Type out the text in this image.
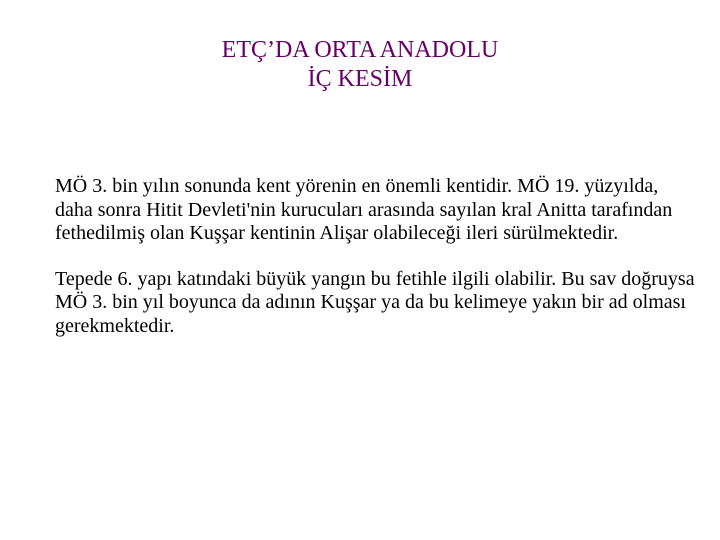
ETÇ’DA ORTA ANADOLU
İÇ KESİM

MÖ 3. bin yılın sonunda kent yörenin en önemli kentidir. MÖ 19. yüzyılda, daha sonra Hitit Devleti'nin kurucuları arasında sayılan kral Anitta tarafından fethedilmiş olan Kuşşar kentinin Alişar olabileceği ileri sürülmektedir.

Tepede 6. yapı katındaki büyük yangın bu fetihle ilgili olabilir. Bu sav doğruysa MÖ 3. bin yıl boyunca da adının Kuşşar ya da bu kelimeye yakın bir ad olması gerekmektedir.
